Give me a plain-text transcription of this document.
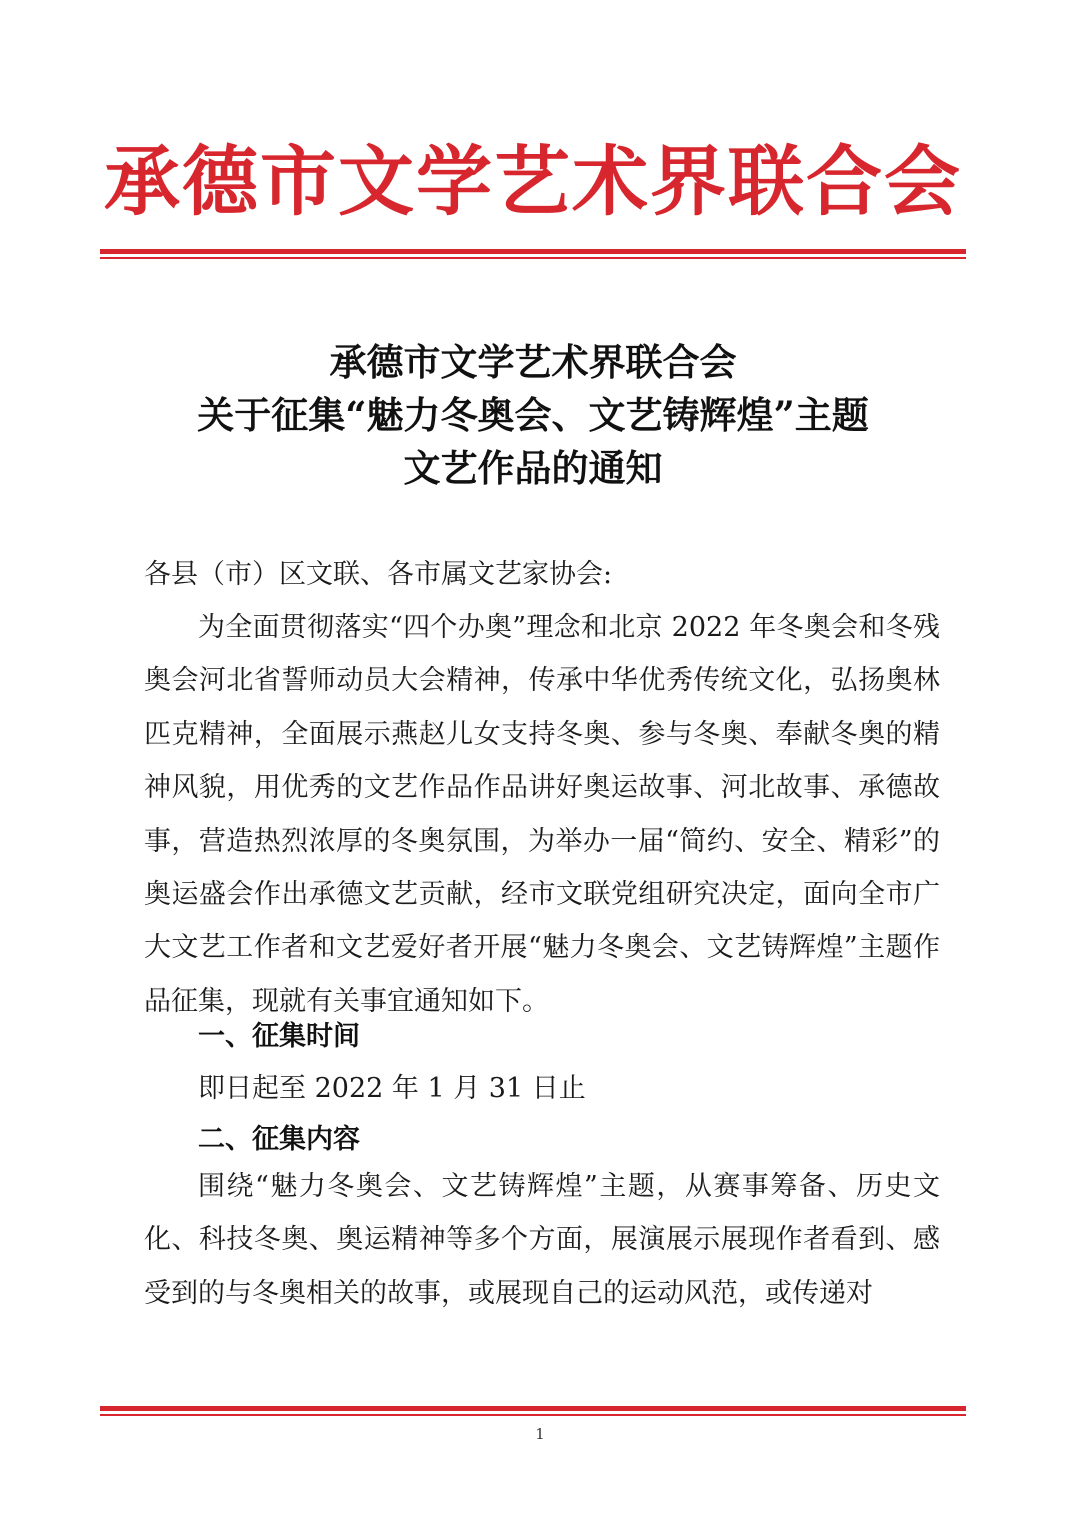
承德市文学艺术界联合会
承德市文学艺术界联合会
关于征集“魅力冬奥会、文艺铸辉煌”主题
文艺作品的通知
各县（市）区文联、各市属文艺家协会:
为全面贯彻落实“四个办奥”理念和北京 2022 年冬奥会和冬残奥会河北省誓师动员大会精神，传承中华优秀传统文化，弘扬奥林匹克精神，全面展示燕赵儿女支持冬奥、参与冬奥、奉献冬奥的精神风貌，用优秀的文艺作品作品讲好奥运故事、河北故事、承德故事，营造热烈浓厚的冬奥氛围，为举办一届“简约、安全、精彩”的奥运盛会作出承德文艺贡献，经市文联党组研究决定，面向全市广大文艺工作者和文艺爱好者开展“魅力冬奥会、文艺铸辉煌”主题作品征集，现就有关事宜通知如下。
一、征集时间
即日起至 2022 年 1 月 31 日止
二、征集内容
围绕“魅力冬奥会、文艺铸辉煌”主题，从赛事筹备、历史文化、科技冬奥、奥运精神等多个方面，展演展示展现作者看到、感受到的与冬奥相关的故事，或展现自己的运动风范，或传递对
1
